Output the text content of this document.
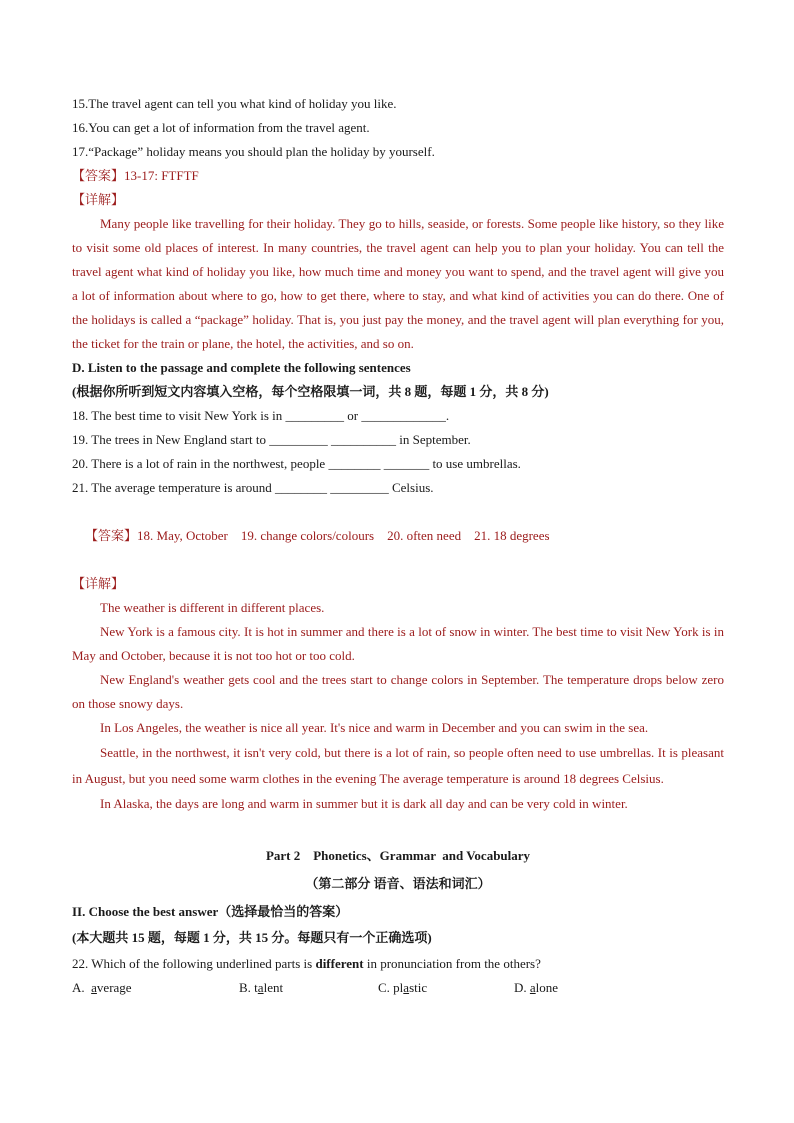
15.The travel agent can tell you what kind of holiday you like.
16.You can get a lot of information from the travel agent.
17.“Package” holiday means you should plan the holiday by yourself.
【答案】13-17: FTFTF
【详解】
Many people like travelling for their holiday. They go to hills, seaside, or forests. Some people like history, so they like to visit some old places of interest. In many countries, the travel agent can help you to plan your holiday. You can tell the travel agent what kind of holiday you like, how much time and money you want to spend, and the travel agent will give you a lot of information about where to go, how to get there, where to stay, and what kind of activities you can do there. One of the holidays is called a “package” holiday. That is, you just pay the money, and the travel agent will plan everything for you, the ticket for the train or plane, the hotel, the activities, and so on.
D. Listen to the passage and complete the following sentences
(根据你所听到短文内容填入空格，每个空格限填一词，共 8 题，每题 1 分，共 8 分)
18. The best time to visit New York is in _________ or _____________.
19. The trees in New England start to _________ __________ in September.
20. There is a lot of rain in the northwest, people ________ _______ to use umbrellas.
21. The average temperature is around ________ _________ Celsius.

【答案】18. May, October    19. change colors/colours    20. often need    21. 18 degrees

【详解】
The weather is different in different places.
New York is a famous city. It is hot in summer and there is a lot of snow in winter. The best time to visit New York is in May and October, because it is not too hot or too cold.
New England's weather gets cool and the trees start to change colors in September. The temperature drops below zero on those snowy days.
In Los Angeles, the weather is nice all year. It's nice and warm in December and you can swim in the sea.
Seattle, in the northwest, it isn't very cold, but there is a lot of rain, so people often need to use umbrellas. It is pleasant in August, but you need some warm clothes in the evening The average temperature is around 18 degrees Celsius.
In Alaska, the days are long and warm in summer but it is dark all day and can be very cold in winter.
Part 2    Phonetics、Grammar  and Vocabulary
（第二部分 语音、语法和词汇）
II. Choose the best answer（选择最恰当的答案）
(本大题共 15 题，每题 1 分，共 15 分。每题只有一个正确选项)
22. Which of the following underlined parts is different in pronunciation from the others?
A.  average	B. talent	C. plastic	D. alone
